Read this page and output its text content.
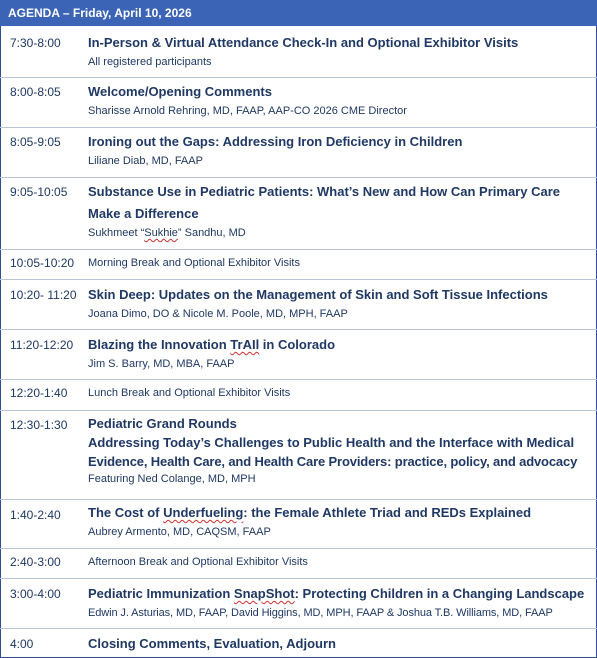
AGENDA – Friday, April 10, 2026
7:30-8:00 In-Person & Virtual Attendance Check-In and Optional Exhibitor Visits
All registered participants
8:00-8:05 Welcome/Opening Comments
Sharisse Arnold Rehring, MD, FAAP, AAP-CO 2026 CME Director
8:05-9:05 Ironing out the Gaps: Addressing Iron Deficiency in Children
Liliane Diab, MD, FAAP
9:05-10:05 Substance Use in Pediatric Patients: What’s New and How Can Primary Care Make a Difference
Sukhmeet “Sukhie” Sandhu, MD
10:05-10:20 Morning Break and Optional Exhibitor Visits
10:20- 11:20 Skin Deep: Updates on the Management of Skin and Soft Tissue Infections
Joana Dimo, DO & Nicole M. Poole, MD, MPH, FAAP
11:20-12:20 Blazing the Innovation TrAIl in Colorado
Jim S. Barry, MD, MBA, FAAP
12:20-1:40 Lunch Break and Optional Exhibitor Visits
12:30-1:30 Pediatric Grand Rounds
Addressing Today’s Challenges to Public Health and the Interface with Medical
Evidence, Health Care, and Health Care Providers: practice, policy, and advocacy
Featuring Ned Colange, MD, MPH
1:40-2:40 The Cost of Underfueling: the Female Athlete Triad and REDs Explained
Aubrey Armento, MD, CAQSM, FAAP
2:40-3:00 Afternoon Break and Optional Exhibitor Visits
3:00-4:00 Pediatric Immunization SnapShot: Protecting Children in a Changing Landscape
Edwin J. Asturias, MD, FAAP, David Higgins, MD, MPH, FAAP & Joshua T.B. Williams, MD, FAAP
4:00	Closing Comments, Evaluation, Adjourn
